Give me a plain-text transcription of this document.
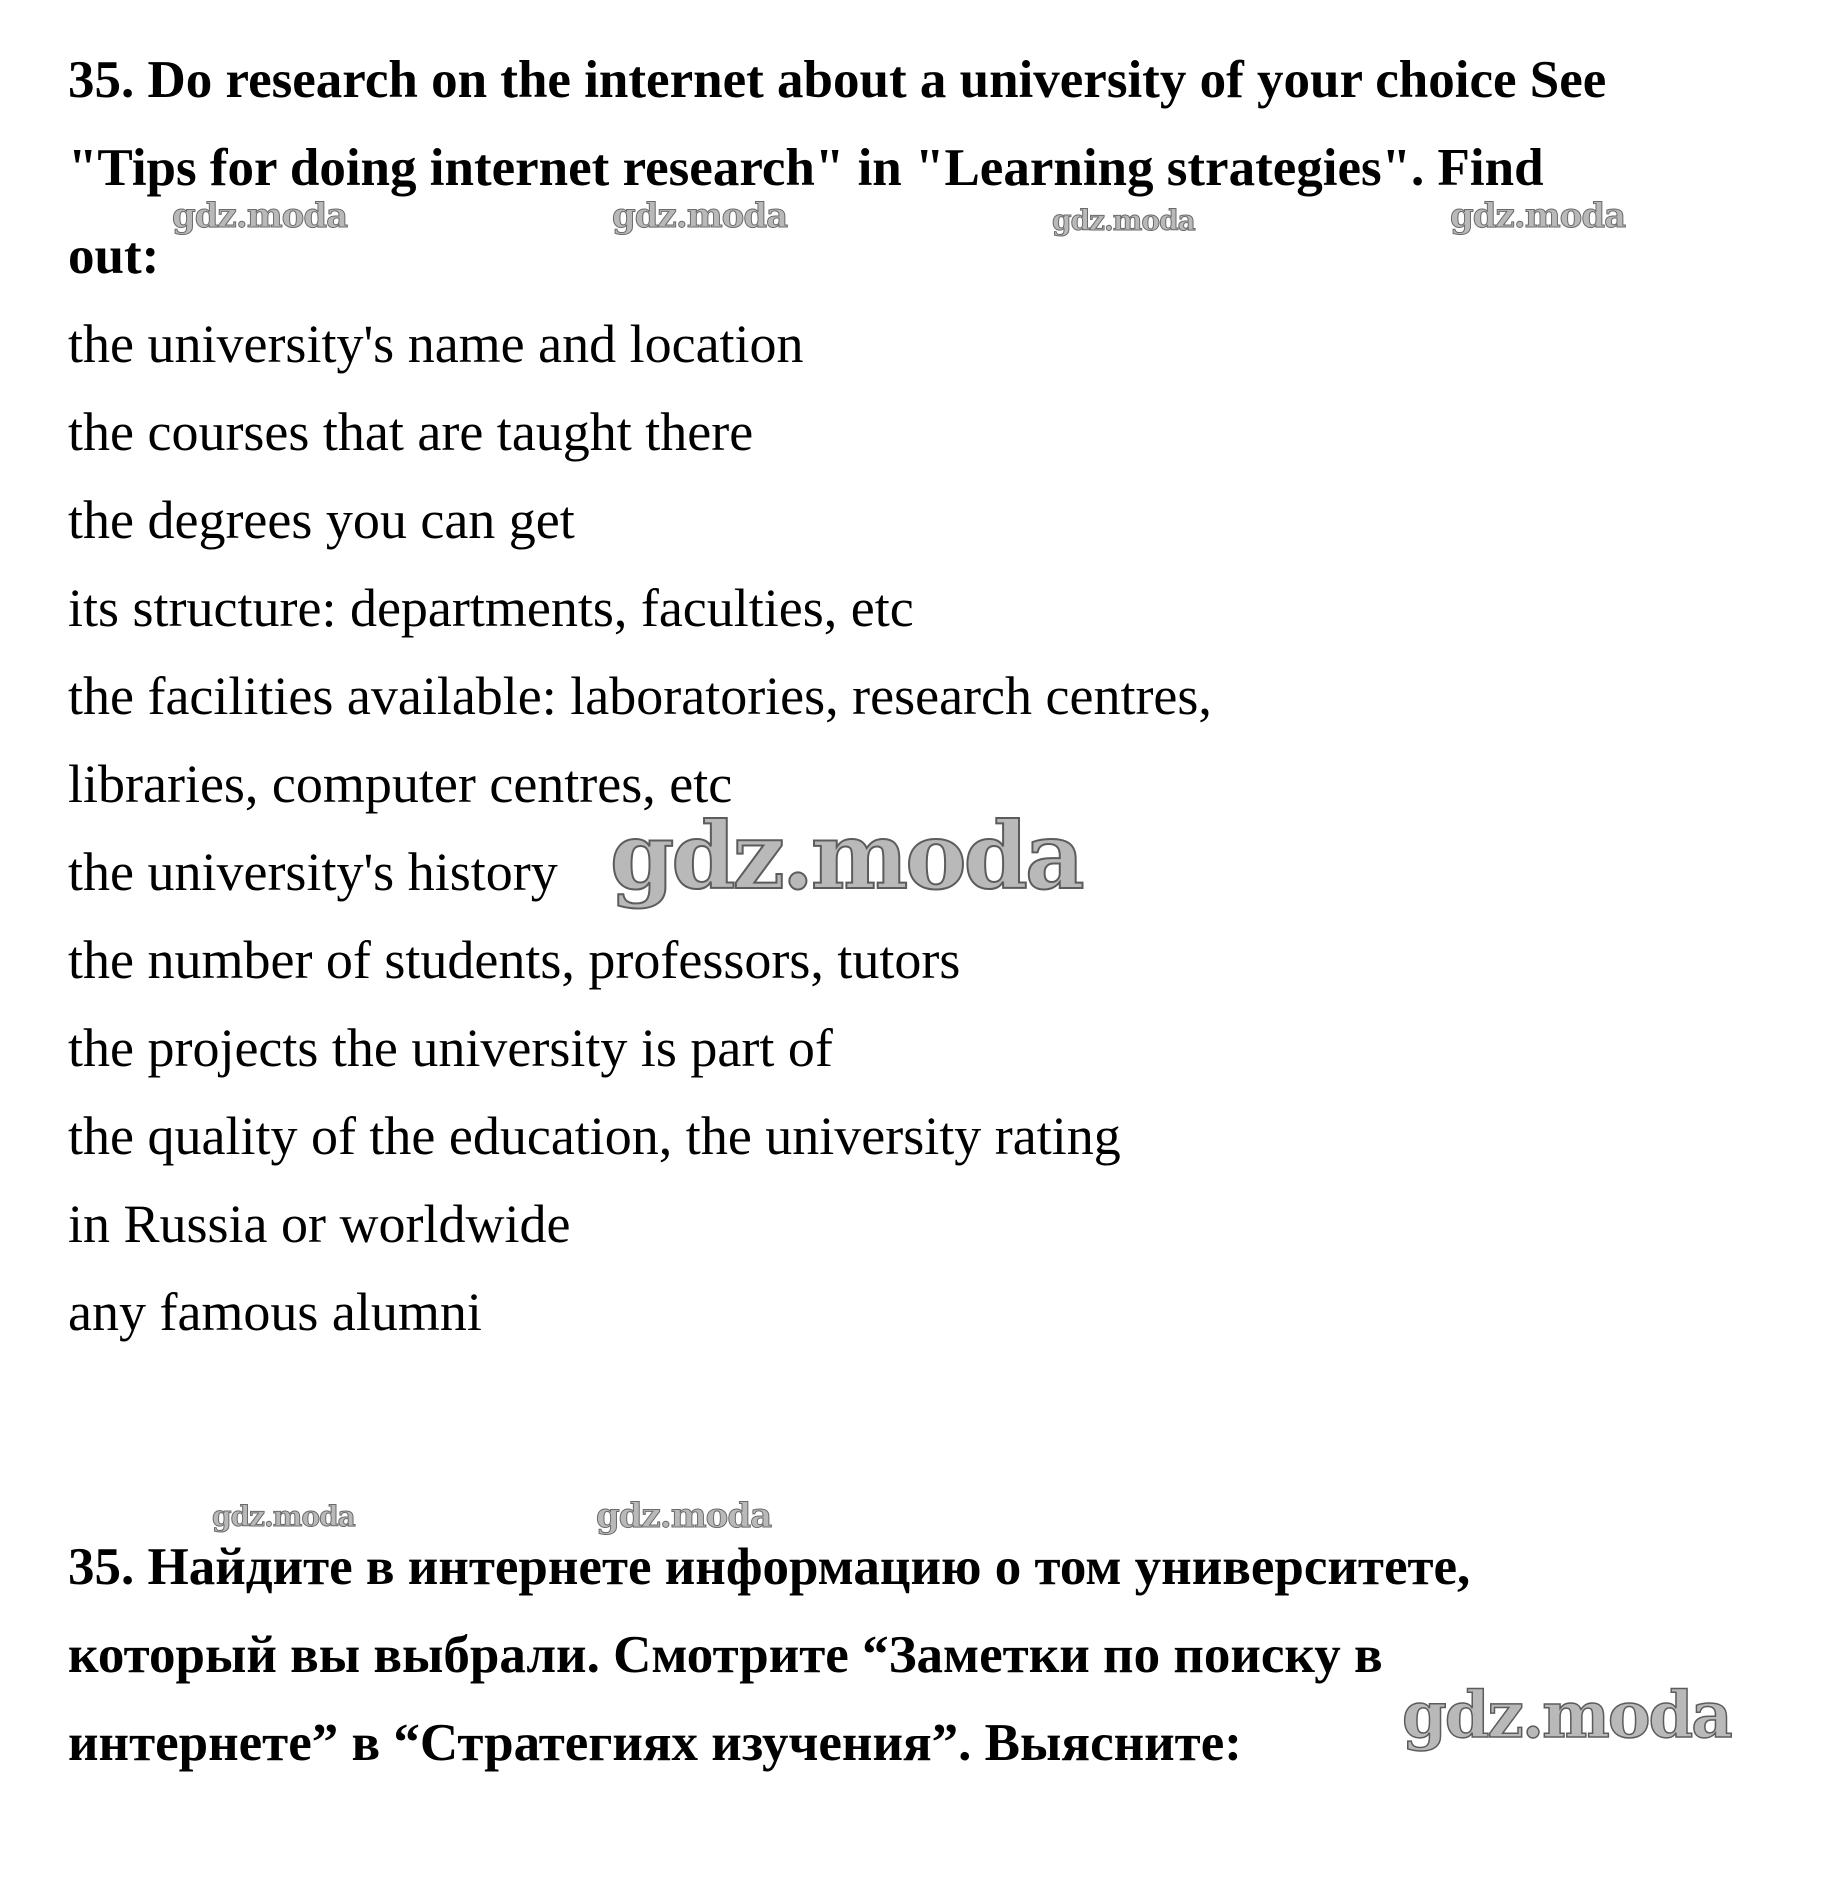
35. Do research on the internet about a university of your choice See
"Tips for doing internet research" in "Learning strategies". Find
out:
the university's name and location
the courses that are taught there
the degrees you can get
its structure: departments, faculties, etc
the facilities available: laboratories, research centres,
libraries, computer centres, etc
the university's history
the number of students, professors, tutors
the projects the university is part of
the quality of the education, the university rating
in Russia or worldwide
any famous alumni
35. Найдите в интернете информацию о том университете,
который вы выбрали. Смотрите “Заметки по поиску в
интернете” в “Стратегиях изучения”. Выясните:
gdz.moda	gdz.moda	gdz.moda	gdz.moda
gdz.moda
gdz.moda	gdz.moda
gdz.moda
